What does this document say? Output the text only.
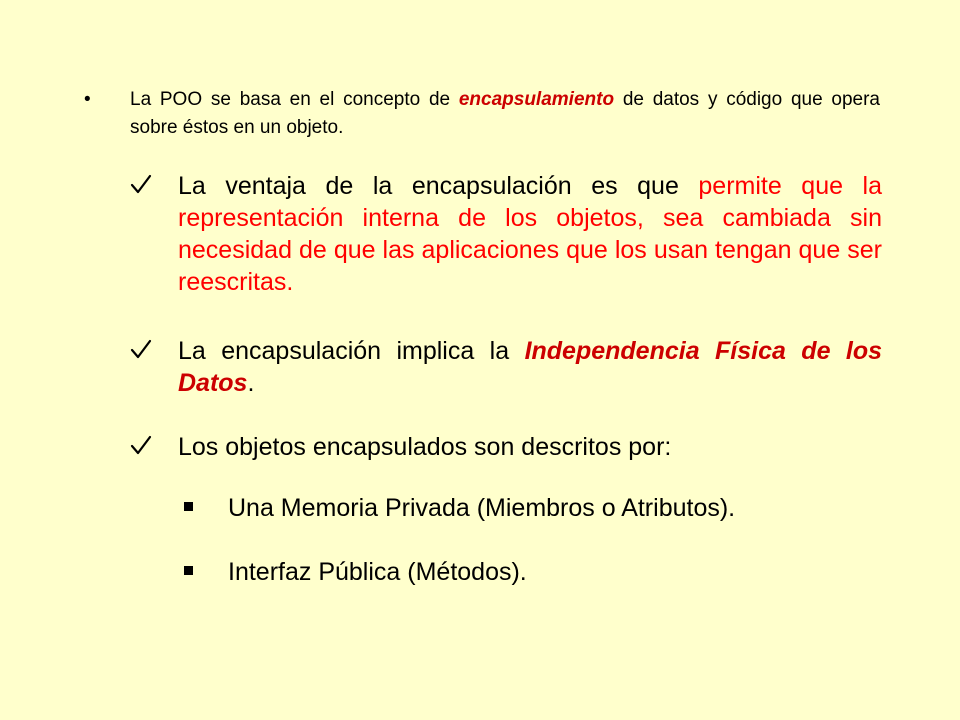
• La POO se basa en el concepto de encapsulamiento de datos y código que opera sobre éstos en un objeto.
La ventaja de la encapsulación es que permite que la representación interna de los objetos, sea cambiada sin necesidad de que las aplicaciones que los usan tengan que ser reescritas.
La encapsulación implica la Independencia Física de los Datos.
Los objetos encapsulados son descritos por:
Una Memoria Privada (Miembros o Atributos).
Interfaz Pública (Métodos).
